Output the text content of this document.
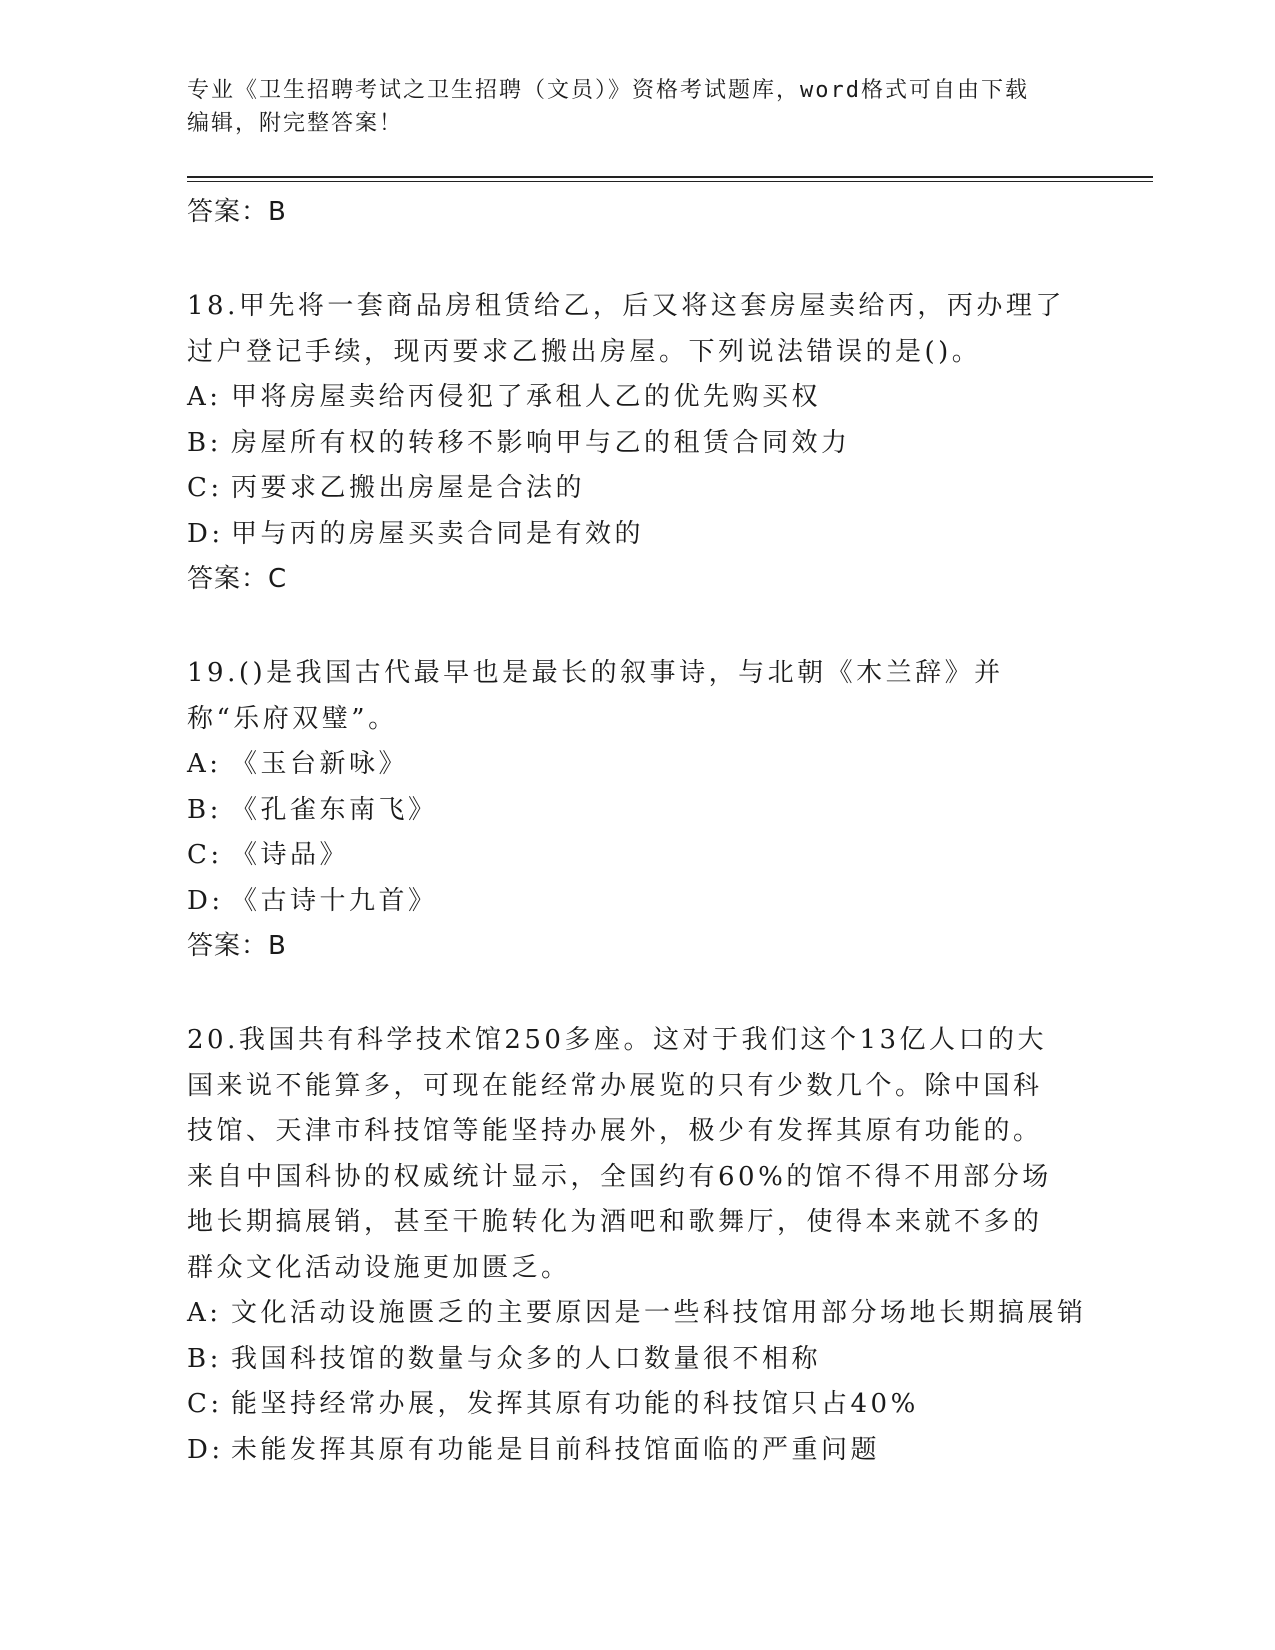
专业《卫生招聘考试之卫生招聘（文员）》资格考试题库，word格式可自由下载
编辑，附完整答案！
答案：B
18.甲先将一套商品房租赁给乙，后又将这套房屋卖给丙，丙办理了过户登记手续，现丙要求乙搬出房屋。下列说法错误的是()。
A: 甲将房屋卖给丙侵犯了承租人乙的优先购买权
B: 房屋所有权的转移不影响甲与乙的租赁合同效力
C: 丙要求乙搬出房屋是合法的
D: 甲与丙的房屋买卖合同是有效的
答案：C
19.()是我国古代最早也是最长的叙事诗，与北朝《木兰辞》并称“乐府双璧”。
A: 《玉台新咏》
B: 《孔雀东南飞》
C: 《诗品》
D: 《古诗十九首》
答案：B
20.我国共有科学技术馆250多座。这对于我们这个13亿人口的大国来说不能算多，可现在能经常办展览的只有少数几个。除中国科技馆、天津市科技馆等能坚持办展外，极少有发挥其原有功能的。来自中国科协的权威统计显示，全国约有60%的馆不得不用部分场地长期搞展销，甚至干脆转化为酒吧和歌舞厅，使得本来就不多的群众文化活动设施更加匮乏。
A: 文化活动设施匮乏的主要原因是一些科技馆用部分场地长期搞展销
B: 我国科技馆的数量与众多的人口数量很不相称
C: 能坚持经常办展，发挥其原有功能的科技馆只占40%
D: 未能发挥其原有功能是目前科技馆面临的严重问题
